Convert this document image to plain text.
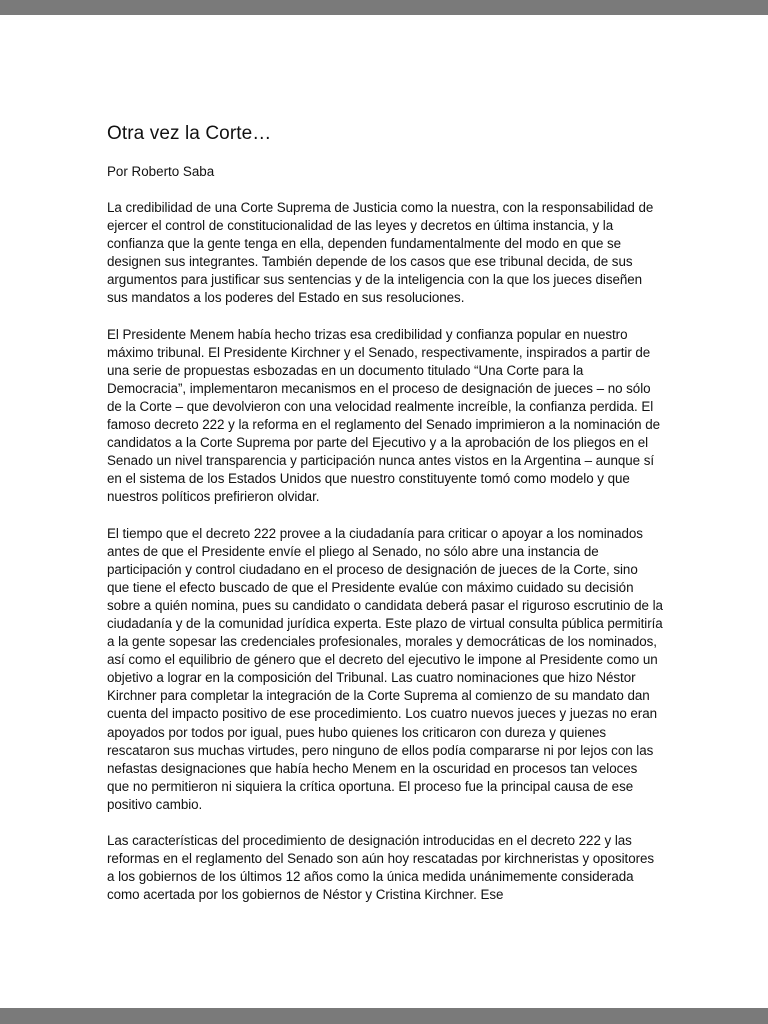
Otra vez la Corte…

Por Roberto Saba

La credibilidad de una Corte Suprema de Justicia como la nuestra, con la responsabilidad de ejercer el control de constitucionalidad de las leyes y decretos en última instancia, y la confianza que la gente tenga en ella, dependen fundamentalmente del modo en que se designen sus integrantes. También depende de los casos que ese tribunal decida, de sus argumentos para justificar sus sentencias y de la inteligencia con la que los jueces diseñen sus mandatos a los poderes del Estado en sus resoluciones.

El Presidente Menem había hecho trizas esa credibilidad y confianza popular en nuestro máximo tribunal. El Presidente Kirchner y el Senado, respectivamente, inspirados a partir de una serie de propuestas esbozadas en un documento titulado “Una Corte para la Democracia”, implementaron mecanismos en el proceso de designación de jueces – no sólo de la Corte – que devolvieron con una velocidad realmente increíble, la confianza perdida. El famoso decreto 222 y la reforma en el reglamento del Senado imprimieron a la nominación de candidatos a la Corte Suprema por parte del Ejecutivo y a la aprobación de los pliegos en el Senado un nivel transparencia y participación nunca antes vistos en la Argentina – aunque sí en el sistema de los Estados Unidos que nuestro constituyente tomó como modelo y que nuestros políticos prefirieron olvidar.

El tiempo que el decreto 222 provee a la ciudadanía para criticar o apoyar a los nominados antes de que el Presidente envíe el pliego al Senado, no sólo abre una instancia de participación y control ciudadano en el proceso de designación de jueces de la Corte, sino que tiene el efecto buscado de que el Presidente evalúe con máximo cuidado su decisión sobre a quién nomina, pues su candidato o candidata deberá pasar el riguroso escrutinio de la ciudadanía y de la comunidad jurídica experta. Este plazo de virtual consulta pública permitiría a la gente sopesar las credenciales profesionales, morales y democráticas de los nominados, así como el equilibrio de género que el decreto del ejecutivo le impone al Presidente como un objetivo a lograr en la composición del Tribunal. Las cuatro nominaciones que hizo Néstor Kirchner para completar la integración de la Corte Suprema al comienzo de su mandato dan cuenta del impacto positivo de ese procedimiento. Los cuatro nuevos jueces y juezas no eran apoyados por todos por igual, pues hubo quienes los criticaron con dureza y quienes rescataron sus muchas virtudes, pero ninguno de ellos podía compararse ni por lejos con las nefastas designaciones que había hecho Menem en la oscuridad en procesos tan veloces que no permitieron ni siquiera la crítica oportuna. El proceso fue la principal causa de ese positivo cambio.

Las características del procedimiento de designación introducidas en el decreto 222 y las reformas en el reglamento del Senado son aún hoy rescatadas por kirchneristas y opositores a los gobiernos de los últimos 12 años como la única medida unánimemente considerada como acertada por los gobiernos de Néstor y Cristina Kirchner. Ese
